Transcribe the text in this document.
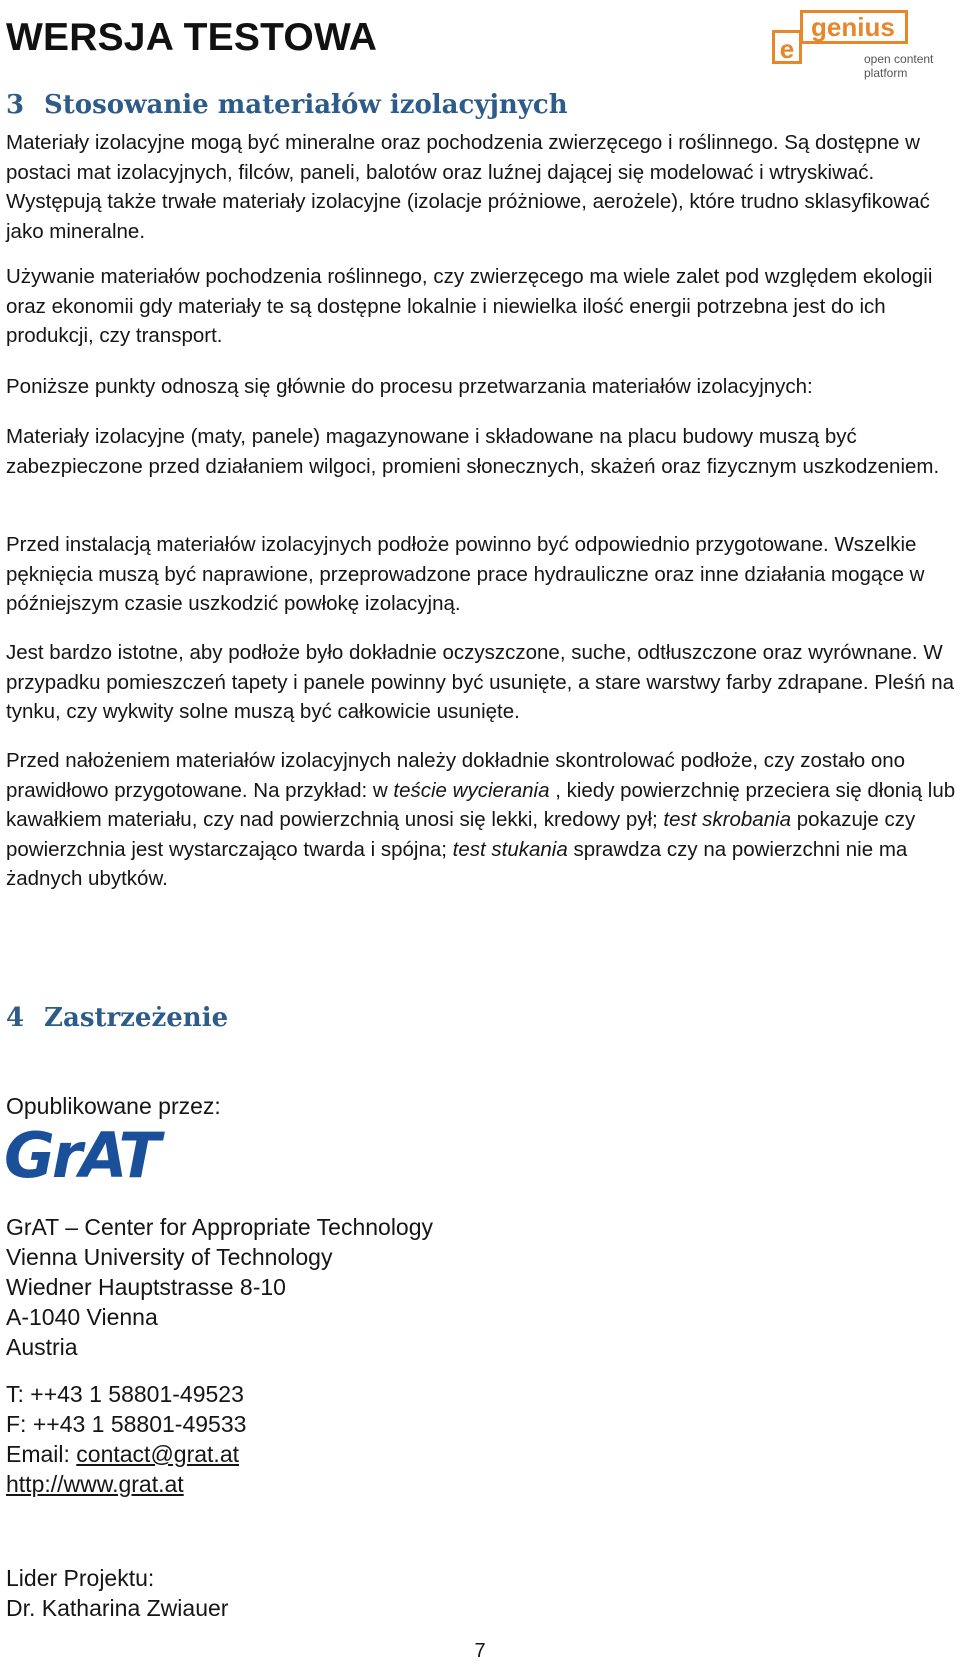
WERSJA TESTOWA	genius
e	open content platform
3 Stosowanie materiałów izolacyjnych

Materiały izolacyjne mogą być mineralne oraz pochodzenia zwierzęcego i roślinnego. Są dostępne w postaci mat izolacyjnych, filców, paneli, balotów oraz luźnej dającej się modelować i wtryskiwać. Występują także trwałe materiały izolacyjne (izolacje próżniowe, aerożele), które trudno sklasyfikować jako mineralne.

Używanie materiałów pochodzenia roślinnego, czy zwierzęcego ma wiele zalet pod względem ekologii oraz ekonomii gdy materiały te są dostępne lokalnie i niewielka ilość energii potrzebna jest do ich produkcji, czy transport.

Poniższe punkty odnoszą się głównie do procesu przetwarzania materiałów izolacyjnych:

Materiały izolacyjne (maty, panele) magazynowane i składowane na placu budowy muszą być zabezpieczone przed działaniem wilgoci, promieni słonecznych, skażeń oraz fizycznym uszkodzeniem.

Przed instalacją materiałów izolacyjnych podłoże powinno być odpowiednio przygotowane. Wszelkie pęknięcia muszą być naprawione, przeprowadzone prace hydrauliczne oraz inne działania mogące w późniejszym czasie uszkodzić powłokę izolacyjną.

Jest bardzo istotne, aby podłoże było dokładnie oczyszczone, suche, odtłuszczone oraz wyrównane. W przypadku pomieszczeń tapety i panele powinny być usunięte, a stare warstwy farby zdrapane. Pleśń na tynku, czy wykwity solne muszą być całkowicie usunięte.

Przed nałożeniem materiałów izolacyjnych należy dokładnie skontrolować podłoże, czy zostało ono prawidłowo przygotowane. Na przykład: w teście wycierania , kiedy powierzchnię przeciera się dłonią lub kawałkiem materiału, czy nad powierzchnią unosi się lekki, kredowy pył; test skrobania pokazuje czy powierzchnia jest wystarczająco twarda i spójna; test stukania sprawdza czy na powierzchni nie ma żadnych ubytków.

4 Zastrzeżenie
Opublikowane przez:
GrAT
GrAT – Center for Appropriate Technology
Vienna University of Technology
Wiedner Hauptstrasse 8-10
A-1040 Vienna
Austria
T: ++43 1 58801-49523
F: ++43 1 58801-49533
Email: contact@grat.at
http://www.grat.at
Lider Projektu:
Dr. Katharina Zwiauer
7
